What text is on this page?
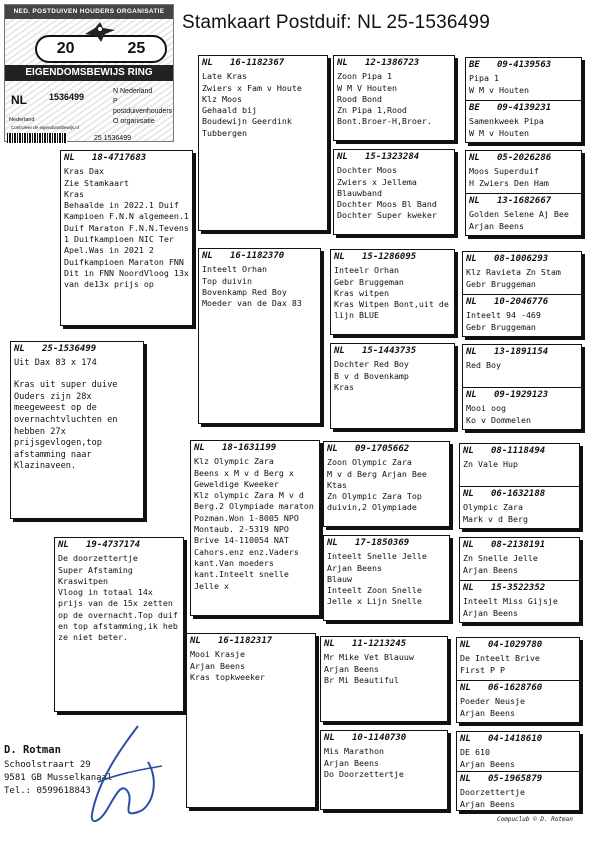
NED. POSTDUIVEN HOUDERS ORGANISATIE
20	25
EIGENDOMSBEWIJS RING
NL 1536499
Nederland
N Nederland
P postduivenhouders
O organisatie
Controleer de eigendomsbewijs.nl
25 1536499
Stamkaart Postduif: NL 25-1536499
NL	25-1536499
Uit Dax 83 x 174
Kras uit super duive Ouders zijn 28x meegeweest op de overnachtvluchten en hebben 27x prijsgevlogen,top afstamming naar Klazinaveen.
NL	18-4717683
Kras Dax
Zie Stamkaart
Kras
Behaalde in 2022.1 Duif Kampioen F.N.N algemeen.1 Duif Maraton F.N.N.Tevens 1 Duifkampioen NIC Ter Apel.Was in 2021 2 Duifkampioen Maraton FNN Dit in FNN NoordVloog 13x van de13x prijs op
NL	19-4737174
De doorzettertje
Super Afstaming
Kraswitpen
Vloog in totaal 14x prijs van de 15x zetten op de overnacht.Top duif en top afstamming,ik heb ze niet beter.
NL	16-1182367
Late Kras
Zwiers x Fam v Houte
Klz Moos
Gehaald bij
Boudewijn Geerdink
Tubbergen
NL	16-1182370
Inteelt Orhan
Top duivin
Bovenkamp Red Boy
Moeder van de Dax 83
NL	18-1631199
Klz Olympic Zara
Beens x M v d Berg x Geweldige Kweeker
Klz olympic Zara M v d Berg.2 Olympiade maraton Pozman.Won 1-8005 NPO Montaub. 2-5319 NPO Brive 14-110054 NAT Cahors.enz enz.Vaders kant.Van moeders kant.Inteelt snelle Jelle x
NL	16-1182317
Mooi Krasje
Arjan Beens
Kras topkweeker
NL	12-1386723
Zoon Pipa 1
W M V Houten
Rood Bond
Zn Pipa 1,Rood
Bont.Broer-H,Broer.
NL	15-1323284
Dochter Moos
Zwiers x Jellema
Blauwband
Dochter Moos Bl Band
Dochter Super kweker
NL	15-1286095
Inteelr Orhan
Gebr Bruggeman
Kras witpen
Kras Witpen Bont,uit de lijn BLUE
NL	15-1443735
Dochter Red Boy
B v d Bovenkamp
Kras
NL	09-1705662
Zoon Olympic Zara
M v d Berg Arjan Bee Ktas
Zn Olympic Zara Top duivin,2 Olympiade
NL	17-1850369
Inteelt Snelle Jelle
Arjan Beens
Blauw
Inteelt Zoon Snelle
Jelle x Lijn Snelle
NL	11-1213245
Mr Mike Vet Blauuw
Arjan Beens
Br Mi Beautiful
NL	10-1140730
Mis Marathon
Arjan Beens
Do Doorzettertje
BE	09-4139563
Pipa 1
W M v Houten
BE	09-4139231
Samenkweek Pipa
W M v Houten
NL	05-2026286
Moos Superduif
H Zwiers Den Ham
NL	13-1682667
Golden Selene Aj Bee
Arjan Beens
NL	08-1006293
Klz Ravieta Zn Stam
Gebr Bruggeman
NL	10-2046776
Inteelt 94 -469
Gebr Bruggeman
NL	13-1891154
Red Boy
NL	09-1929123
Mooi oog
Ko v Dommelen
NL	08-1118494
Zn Vale Hup
NL	06-1632188
Olympic Zara
Mark v d Berg
NL	08-2138191
Zn Snelle Jelle
Arjan Beens
NL	15-3522352
Inteelt Miss Gijsje
Arjan Beens
NL	04-1029780
De Inteelt Brive
First P P
NL	06-1628760
Poeder Neusje
Arjan Beens
NL	04-1418610
DE 610
Arjan Beens
NL	05-1965879
Doorzettertje
Arjan Beens
D. Rotman
Schoolstraart 29
9581 GB Musselkanaal
Tel.: 0599618843
Compuclub © D. Rotman
